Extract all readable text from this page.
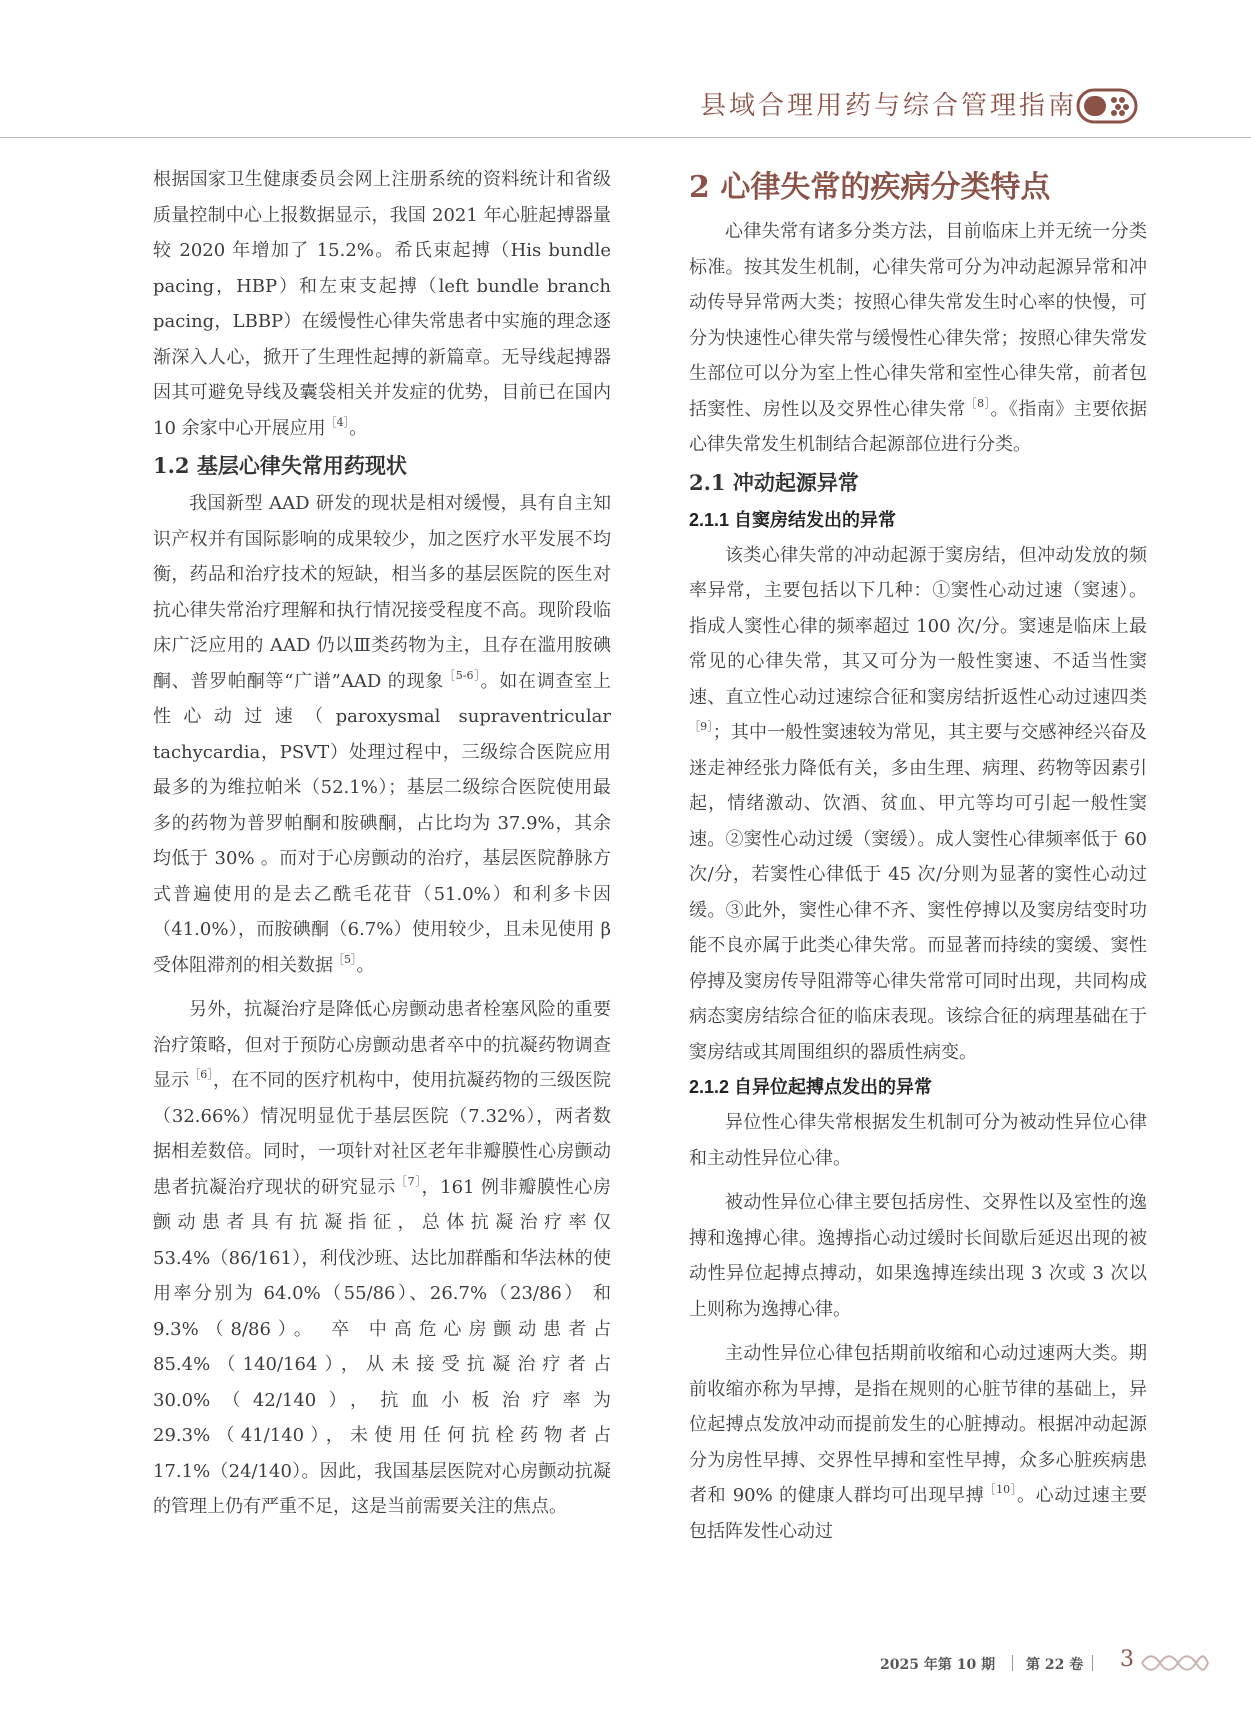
县域合理用药与综合管理指南

根据国家卫生健康委员会网上注册系统的资料统计和省级质量控制中心上报数据显示，我国 2021 年心脏起搏器量较 2020 年增加了 15.2%。希氏束起搏（His bundle pacing，HBP）和左束支起搏（left bundle branch pacing，LBBP）在缓慢性心律失常患者中实施的理念逐渐深入人心，掀开了生理性起搏的新篇章。无导线起搏器因其可避免导线及囊袋相关并发症的优势，目前已在国内 10 余家中心开展应用$^{[4]}$。

1.2 基层心律失常用药现状

我国新型 AAD 研发的现状是相对缓慢，具有自主知识产权并有国际影响的成果较少，加之医疗水平发展不均衡，药品和治疗技术的短缺，相当多的基层医院的医生对抗心律失常治疗理解和执行情况接受程度不高。现阶段临床广泛应用的 AAD 仍以Ⅲ类药物为主，且存在滥用胺碘酮、普罗帕酮等“广谱”AAD 的现象$^{[5-6]}$。如在调查室上性心动过速（paroxysmal supraventricular tachycardia，PSVT）处理过程中，三级综合医院应用最多的为维拉帕米（52.1%）；基层二级综合医院使用最多的药物为普罗帕酮和胺碘酮，占比均为 37.9%，其余均低于 30% 。而对于心房颤动的治疗，基层医院静脉方式普遍使用的是去乙酰毛花苷（51.0%）和利多卡因（41.0%），而胺碘酮（6.7%）使用较少，且未见使用 β 受体阻滞剂的相关数据$^{[5]}$。

另外，抗凝治疗是降低心房颤动患者栓塞风险的重要治疗策略，但对于预防心房颤动患者卒中的抗凝药物调查显示$^{[6]}$，在不同的医疗机构中，使用抗凝药物的三级医院（32.66%）情况明显优于基层医院（7.32%），两者数据相差数倍。同时，一项针对社区老年非瓣膜性心房颤动患者抗凝治疗现状的研究显示$^{[7]}$，161 例非瓣膜性心房颤动患者具有抗凝指征，总体抗凝治疗率仅 53.4%（86/161），利伐沙班、达比加群酯和华法林的使用率分别为 64.0%（55/86）、26.7%（23/86） 和 9.3%（8/86）。 卒 中高危心房颤动患者占 85.4%（140/164），从未接受抗凝治疗者占 30.0%（42/140），抗血小板治疗率为 29.3%（41/140），未使用任何抗栓药物者占 17.1%（24/140）。因此，我国基层医院对心房颤动抗凝的管理上仍有严重不足，这是当前需要关注的焦点。

2 心律失常的疾病分类特点

心律失常有诸多分类方法，目前临床上并无统一分类标准。按其发生机制，心律失常可分为冲动起源异常和冲动传导异常两大类；按照心律失常发生时心率的快慢，可分为快速性心律失常与缓慢性心律失常；按照心律失常发生部位可以分为室上性心律失常和室性心律失常，前者包括窦性、房性以及交界性心律失常$^{[8]}$。《指南》主要依据心律失常发生机制结合起源部位进行分类。

2.1 冲动起源异常
2.1.1 自窦房结发出的异常

该类心律失常的冲动起源于窦房结，但冲动发放的频率异常，主要包括以下几种：①窦性心动过速（窦速）。指成人窦性心律的频率超过 100 次/分。窦速是临床上最常见的心律失常，其又可分为一般性窦速、不适当性窦速、直立性心动过速综合征和窦房结折返性心动过速四类$^{[9]}$；其中一般性窦速较为常见，其主要与交感神经兴奋及迷走神经张力降低有关，多由生理、病理、药物等因素引起，情绪激动、饮酒、贫血、甲亢等均可引起一般性窦速。②窦性心动过缓（窦缓）。成人窦性心律频率低于 60 次/分，若窦性心律低于 45 次/分则为显著的窦性心动过缓。③此外，窦性心律不齐、窦性停搏以及窦房结变时功能不良亦属于此类心律失常。而显著而持续的窦缓、窦性停搏及窦房传导阻滞等心律失常常可同时出现，共同构成病态窦房结综合征的临床表现。该综合征的病理基础在于窦房结或其周围组织的器质性病变。

2.1.2 自异位起搏点发出的异常

异位性心律失常根据发生机制可分为被动性异位心律和主动性异位心律。

被动性异位心律主要包括房性、交界性以及室性的逸搏和逸搏心律。逸搏指心动过缓时长间歇后延迟出现的被动性异位起搏点搏动，如果逸搏连续出现 3 次或 3 次以上则称为逸搏心律。

主动性异位心律包括期前收缩和心动过速两大类。期前收缩亦称为早搏，是指在规则的心脏节律的基础上，异位起搏点发放冲动而提前发生的心脏搏动。根据冲动起源分为房性早搏、交界性早搏和室性早搏，众多心脏疾病患者和 90% 的健康人群均可出现早搏$^{[10]}$。心动过速主要包括阵发性心动过

2025 年第 10 期 第 22 卷 3
